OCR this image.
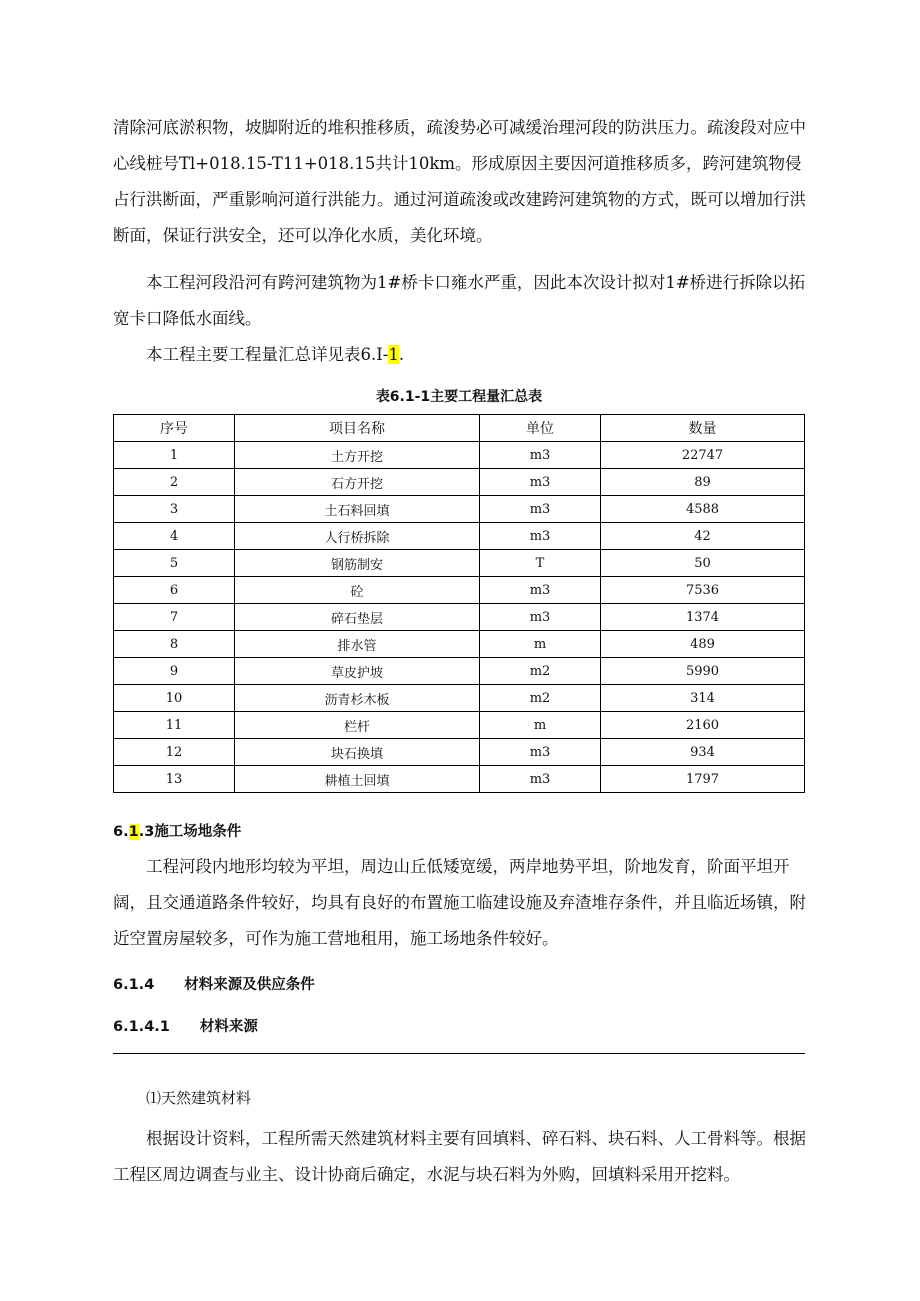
清除河底淤积物，坡脚附近的堆积推移质，疏浚势必可减缓治理河段的防洪压力。疏浚段对应中心线桩号Tl+018.15-T11+018.15共计10km。形成原因主要因河道推移质多，跨河建筑物侵占行洪断面，严重影响河道行洪能力。通过河道疏浚或改建跨河建筑物的方式，既可以增加行洪断面，保证行洪安全，还可以净化水质，美化环境。

本工程河段沿河有跨河建筑物为1#桥卡口雍水严重，因此本次设计拟对1#桥进行拆除以拓宽卡口降低水面线。

本工程主要工程量汇总详见表6.I-1.

表6.1-1主要工程量汇总表
序号	项目名称	单位	数量
1	土方开挖	m3	22747
2	石方开挖	m3	89
3	土石料回填	m3	4588
4	人行桥拆除	m3	42
5	钢筋制安	T	50
6	砼	m3	7536
7	碎石垫层	m3	1374
8	排水管	m	489
9	草皮护坡	m2	5990
10	沥青杉木板	m2	314
11	栏杆	m	2160
12	块石换填	m3	934
13	耕植土回填	m3	1797
6.1.3施工场地条件

工程河段内地形均较为平坦，周边山丘低矮宽缓，两岸地势平坦，阶地发育，阶面平坦开阔，且交通道路条件较好，均具有良好的布置施工临建设施及弃渣堆存条件，并且临近场镇，附近空置房屋较多，可作为施工营地租用，施工场地条件较好。

6.1.4 材料来源及供应条件
6.1.4.1 材料来源

⑴天然建筑材料

根据设计资料，工程所需天然建筑材料主要有回填料、碎石料、块石料、人工骨料等。根据工程区周边调查与业主、设计协商后确定，水泥与块石料为外购，回填料采用开挖料。
